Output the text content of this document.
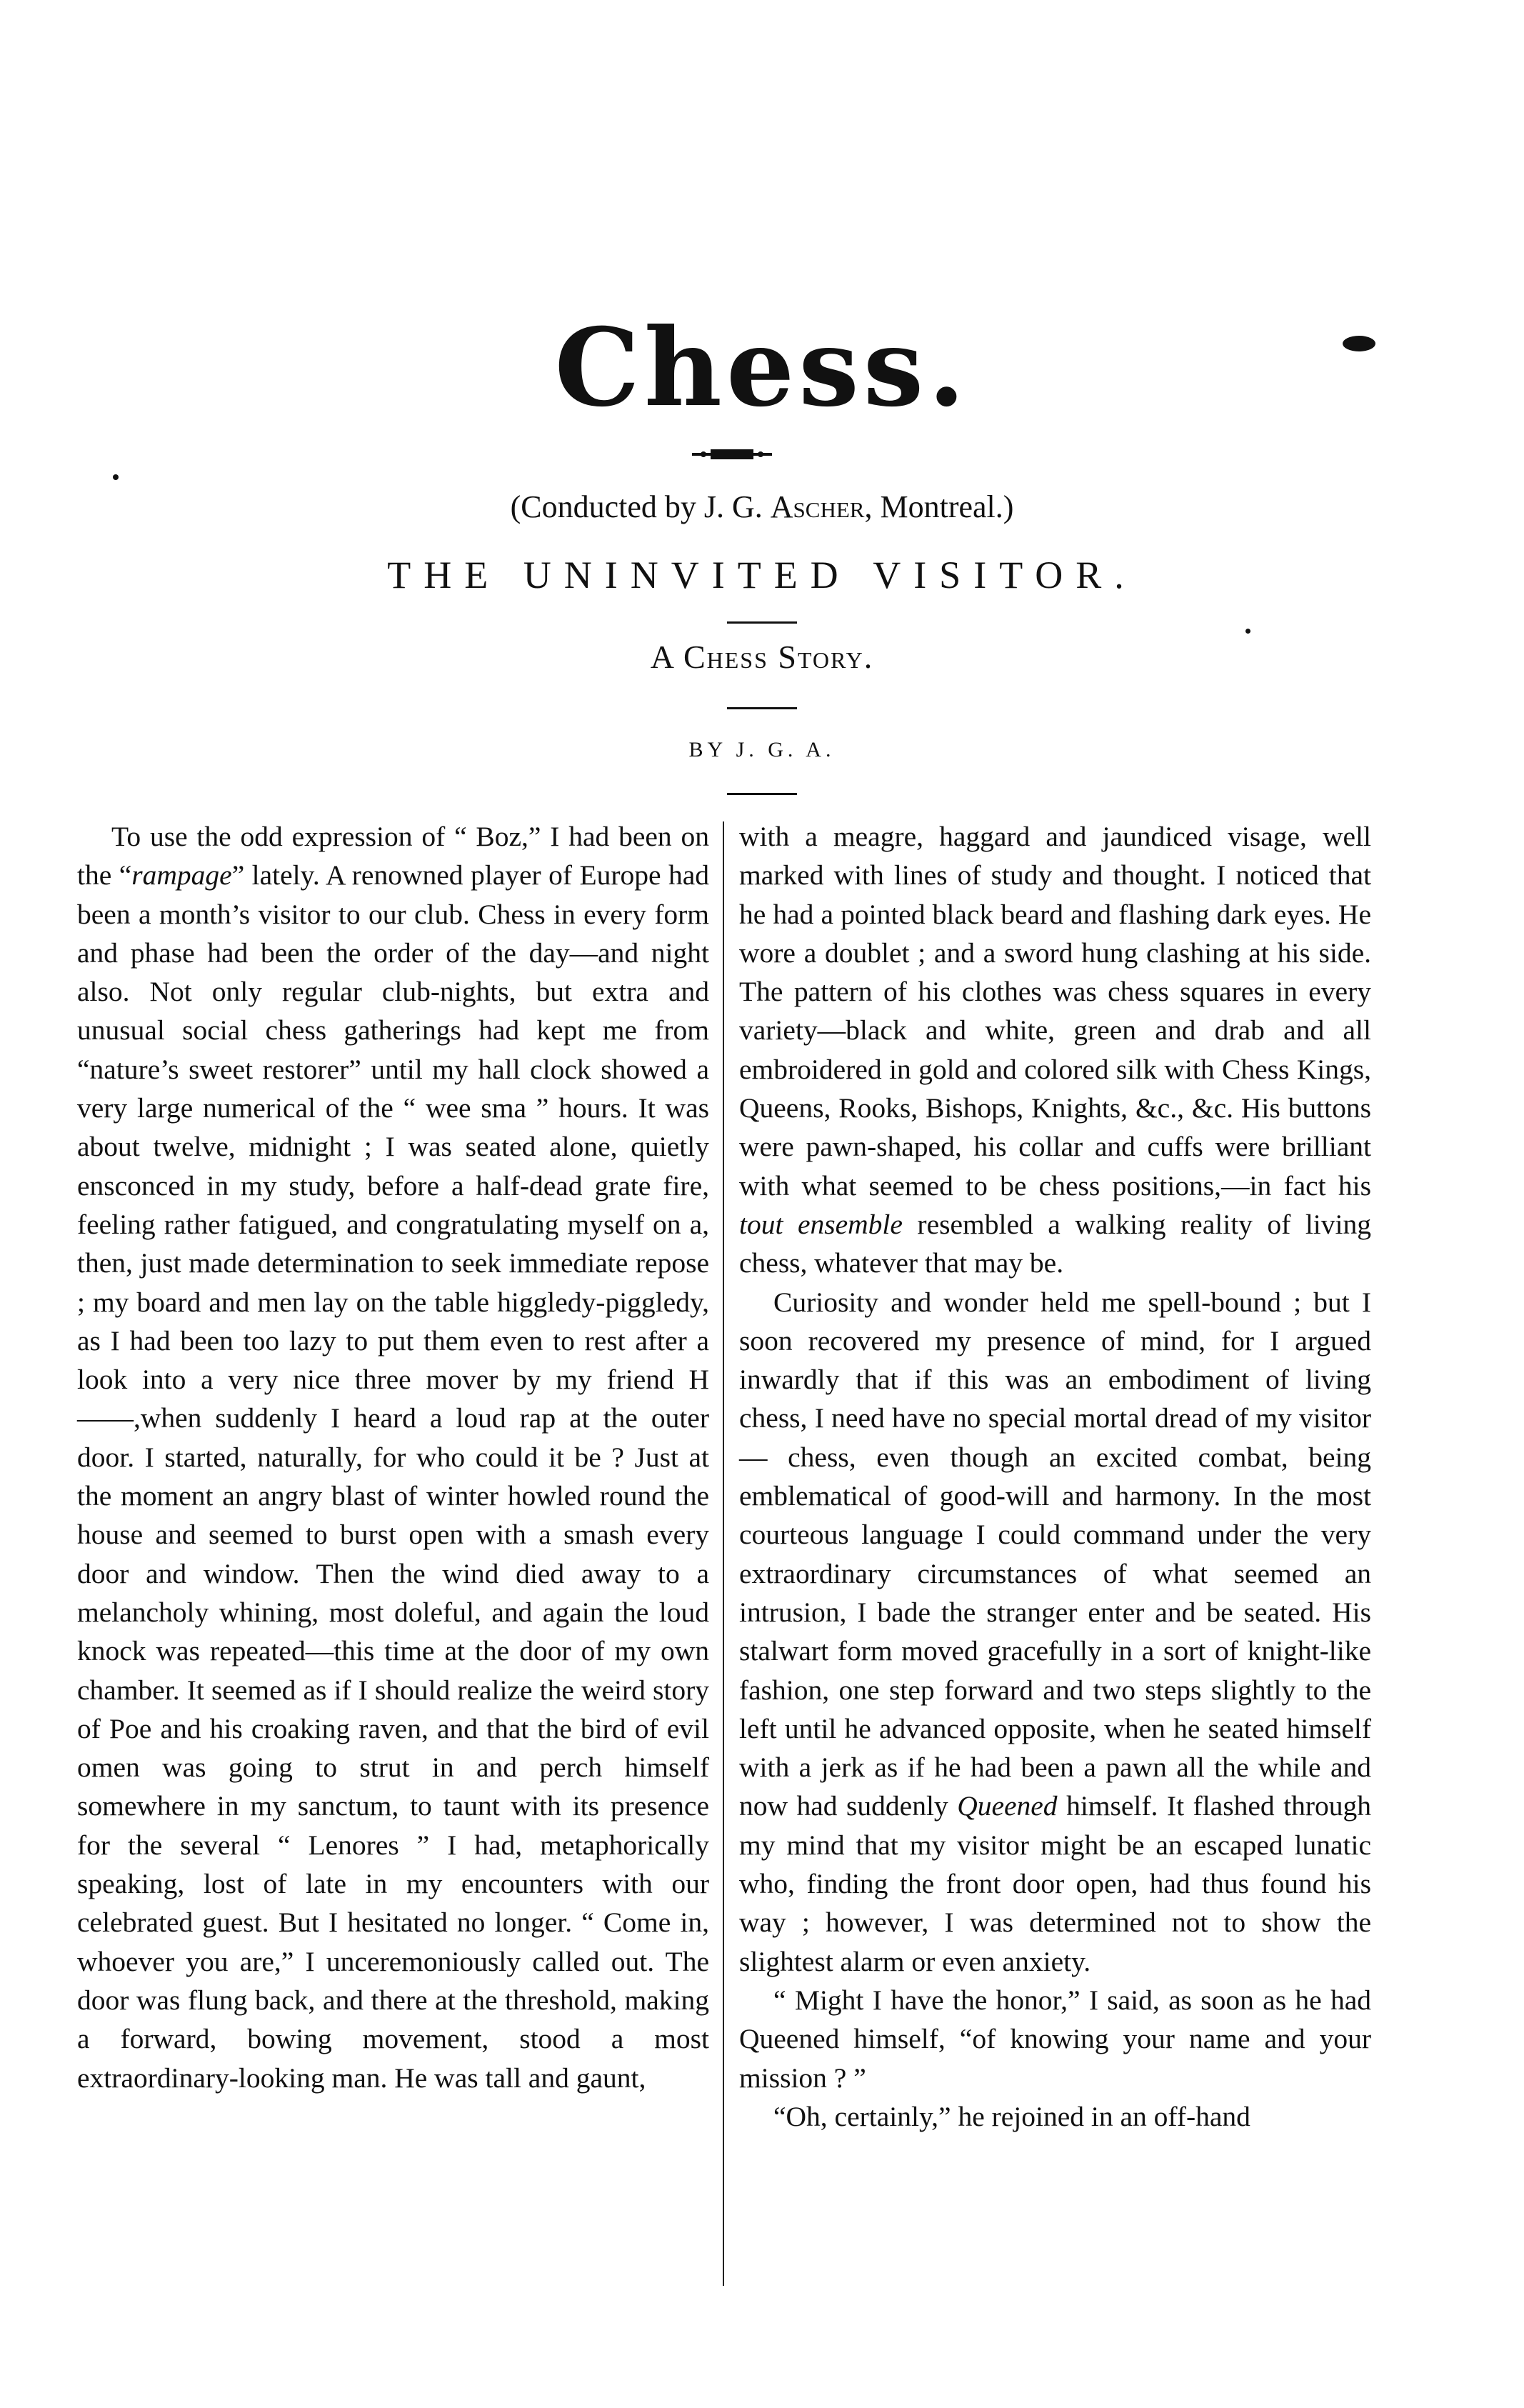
Chess.
(Conducted by J. G. Ascher, Montreal.)
THE UNINVITED VISITOR.
A Chess Story.
BY J. G. A.

To use the odd expression of “ Boz,” I had been on the “rampage” lately. A renowned player of Europe had been a month’s visitor to our club. Chess in every form and phase had been the order of the day—and night also. Not only regular club-nights, but extra and unusual social chess gatherings had kept me from “nature’s sweet restorer” until my hall clock showed a very large numerical of the “ wee sma ” hours. It was about twelve, midnight ; I was seated alone, quietly ensconced in my study, before a half-dead grate fire, feeling rather fatigued, and congratulating myself on a, then, just made determination to seek immediate repose ; my board and men lay on the table higgledy-piggledy, as I had been too lazy to put them even to rest after a look into a very nice three mover by my friend H——,when suddenly I heard a loud rap at the outer door. I started, naturally, for who could it be ? Just at the moment an angry blast of winter howled round the house and seemed to burst open with a smash every door and window. Then the wind died away to a melancholy whining, most doleful, and again the loud knock was repeated—this time at the door of my own chamber. It seemed as if I should realize the weird story of Poe and his croaking raven, and that the bird of evil omen was going to strut in and perch himself somewhere in my sanctum, to taunt with its presence for the several “ Lenores ” I had, metaphorically speaking, lost of late in my encounters with our celebrated guest. But I hesitated no longer. “ Come in, whoever you are,” I unceremoniously called out. The door was flung back, and there at the threshold, making a forward, bowing movement, stood a most extraordinary-looking man. He was tall and gaunt,

with a meagre, haggard and jaundiced visage, well marked with lines of study and thought. I noticed that he had a pointed black beard and flashing dark eyes. He wore a doublet ; and a sword hung clashing at his side. The pattern of his clothes was chess squares in every variety—black and white, green and drab and all embroidered in gold and colored silk with Chess Kings, Queens, Rooks, Bishops, Knights, &c., &c. His buttons were pawn-shaped, his collar and cuffs were brilliant with what seemed to be chess positions,—in fact his tout ensemble resembled a walking reality of living chess, whatever that may be.

Curiosity and wonder held me spell-bound ; but I soon recovered my presence of mind, for I argued inwardly that if this was an embodiment of living chess, I need have no special mortal dread of my visitor — chess, even though an excited combat, being emblematical of good-will and harmony. In the most courteous language I could command under the very extraordinary circumstances of what seemed an intrusion, I bade the stranger enter and be seated. His stalwart form moved gracefully in a sort of knight-like fashion, one step forward and two steps slightly to the left until he advanced opposite, when he seated himself with a jerk as if he had been a pawn all the while and now had suddenly Queened himself. It flashed through my mind that my visitor might be an escaped lunatic who, finding the front door open, had thus found his way ; however, I was determined not to show the slightest alarm or even anxiety.

“ Might I have the honor,” I said, as soon as he had Queened himself, “of knowing your name and your mission ? ”

“Oh, certainly,” he rejoined in an off-hand
